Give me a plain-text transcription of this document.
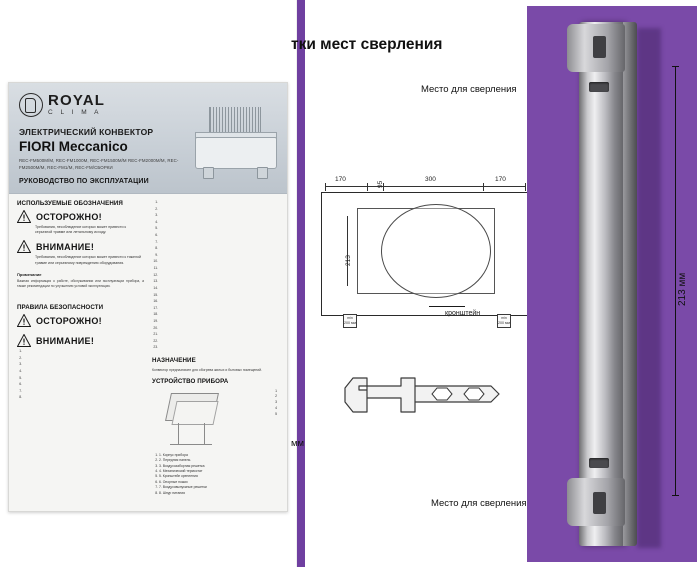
ROYAL
C L I M A
ЭЛЕКТРИЧЕСКИЙ КОНВЕКТОР
FIORI Meccanico
REC-FM500M/M, REC-FM1000M, REC-FM1500M/M REC-FM2000M/M, REC-FM2500M/M, REC-FM1/M, REC-FM/CБОРКИ
РУКОВОДСТВО ПО ЭКСПЛУАТАЦИИ
ИСПОЛЬЗУЕМЫЕ ОБОЗНАЧЕНИЯ
ОСТОРОЖНО!

Требования, несоблюдение которых может привести к серьезной травме или летальному исходу.

ВНИМАНИЕ!

Требования, несоблюдение которых может привести к тяжелой травме или серьезному повреждению оборудования.

Примечание

Важная информация о работе, обслуживании или эксплуатации прибора, а также рекомендации по улучшению условий эксплуатации.

ПРАВИЛА БЕЗОПАСНОСТИ
ОСТОРОЖНО!
ВНИМАНИЕ!
1.
2.
3.
4.
5.
6.
7.
8.
1.
2.
3.
4.
5.
6.
7.
8.
9.
10.
11.
12.
13.
14.
15.
16.
17.
18.
19.
20.
21.
22.
23.
НАЗНАЧЕНИЕ

Конвектор предназначен для обогрева жилых и бытовых помещений.

УСТРОЙСТВО ПРИБОРА
1
2
3
4
5
1. 1. Корпус прибора
2. 2. Передняя панель
3. 3. Воздухозаборная решетка
4. 4. Механический термостат
5. 5. Кронштейн крепления
6. 6. Опорные ножки
7. 7. Воздуховыпускные решетки
8. 8. Шнур питания
тки мест сверления
Место для сверления
Место для сверления
170
95
300	170
213
min 200 мм
min 200 мм
кронштейн
мм
213 мм
